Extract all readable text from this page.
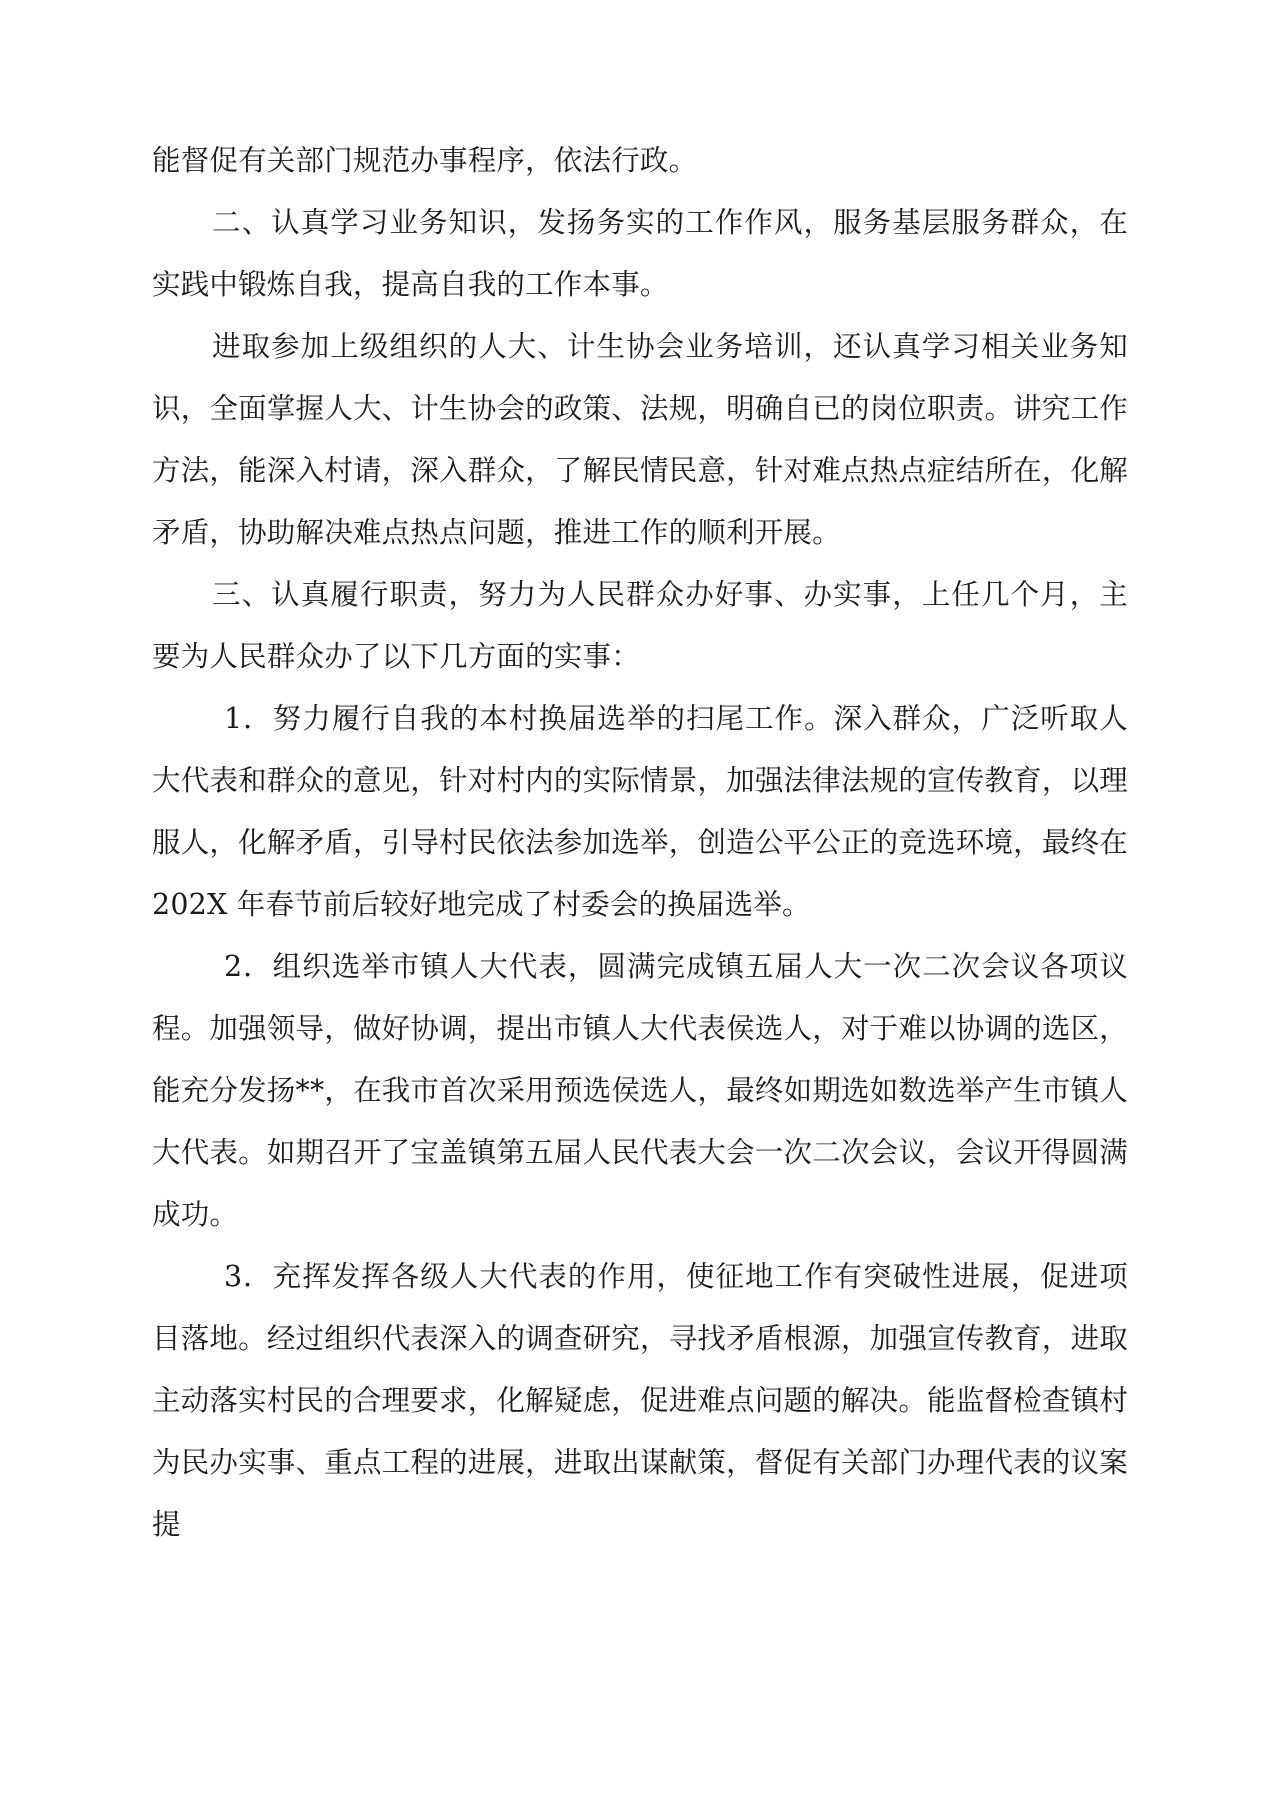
能督促有关部门规范办事程序，依法行政。

二、认真学习业务知识，发扬务实的工作作风，服务基层服务群众，在实践中锻炼自我，提高自我的工作本事。

进取参加上级组织的人大、计生协会业务培训，还认真学习相关业务知识，全面掌握人大、计生协会的政策、法规，明确自已的岗位职责。讲究工作方法，能深入村请，深入群众，了解民情民意，针对难点热点症结所在，化解矛盾，协助解决难点热点问题，推进工作的顺利开展。

三、认真履行职责，努力为人民群众办好事、办实事，上任几个月，主要为人民群众办了以下几方面的实事：

1．努力履行自我的本村换届选举的扫尾工作。深入群众，广泛听取人大代表和群众的意见，针对村内的实际情景，加强法律法规的宣传教育，以理服人，化解矛盾，引导村民依法参加选举，创造公平公正的竞选环境，最终在202X 年春节前后较好地完成了村委会的换届选举。

2．组织选举市镇人大代表，圆满完成镇五届人大一次二次会议各项议程。加强领导，做好协调，提出市镇人大代表侯选人，对于难以协调的选区，能充分发扬**，在我市首次采用预选侯选人，最终如期选如数选举产生市镇人大代表。如期召开了宝盖镇第五届人民代表大会一次二次会议，会议开得圆满成功。

3．充挥发挥各级人大代表的作用，使征地工作有突破性进展，促进项目落地。经过组织代表深入的调查研究，寻找矛盾根源，加强宣传教育，进取主动落实村民的合理要求，化解疑虑，促进难点问题的解决。能监督检查镇村为民办实事、重点工程的进展，进取出谋献策，督促有关部门办理代表的议案提
